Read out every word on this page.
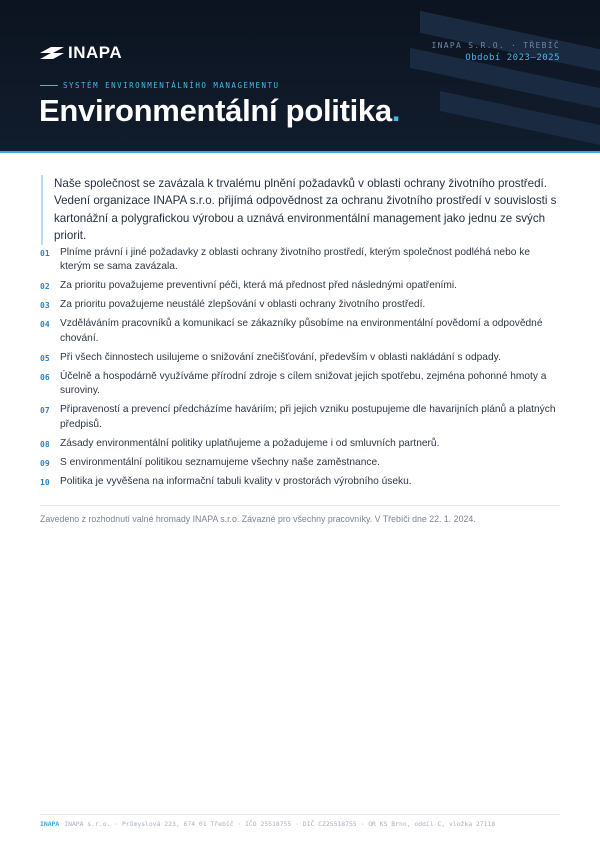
INAPA	INAPA S.R.O. · TŘEBÍČ
Období 2023–2025
SYSTÉM ENVIRONMENTÁLNÍHO MANAGEMENTU
Environmentální politika.
Naše společnost se zavázala k trvalému plnění požadavků v oblasti ochrany životního prostředí. Vedení organizace INAPA s.r.o. přijímá odpovědnost za ochranu životního prostředí v souvislosti s kartonážní a polygrafickou výrobou a uznává environmentální management jako jednu ze svých priorit.
01	Plníme právní i jiné požadavky z oblasti ochrany životního prostředí, kterým společnost podléhá nebo ke kterým se sama zavázala.
02	Za prioritu považujeme preventivní péči, která má přednost před následnými opatřeními.
03	Za prioritu považujeme neustálé zlepšování v oblasti ochrany životního prostředí.
04	Vzděláváním pracovníků a komunikací se zákazníky působíme na environmentální povědomí a odpovědné chování.
05	Při všech činnostech usilujeme o snižování znečišťování, především v oblasti nakládání s odpady.
06	Účelně a hospodárně využíváme přírodní zdroje s cílem snižovat jejich spotřebu, zejména pohonné hmoty a suroviny.
07	Připraveností a prevencí předcházíme haváriím; při jejich vzniku postupujeme dle havarijních plánů a platných předpisů.
08	Zásady environmentální politiky uplatňujeme a požadujeme i od smluvních partnerů.
09	S environmentální politikou seznamujeme všechny naše zaměstnance.
10	Politika je vyvěšena na informační tabuli kvality v prostorách výrobního úseku.
Zavedeno z rozhodnutí valné hromady INAPA s.r.o. Závazné pro všechny pracovníky. V Třebíči dne 22. 1. 2024.
INAPA INAPA s.r.o. · Průmyslová 223, 674 01 Třebíč · IČO 25518755 · DIČ CZ25518755 · OR KS Brno, oddíl C, vložka 27118
